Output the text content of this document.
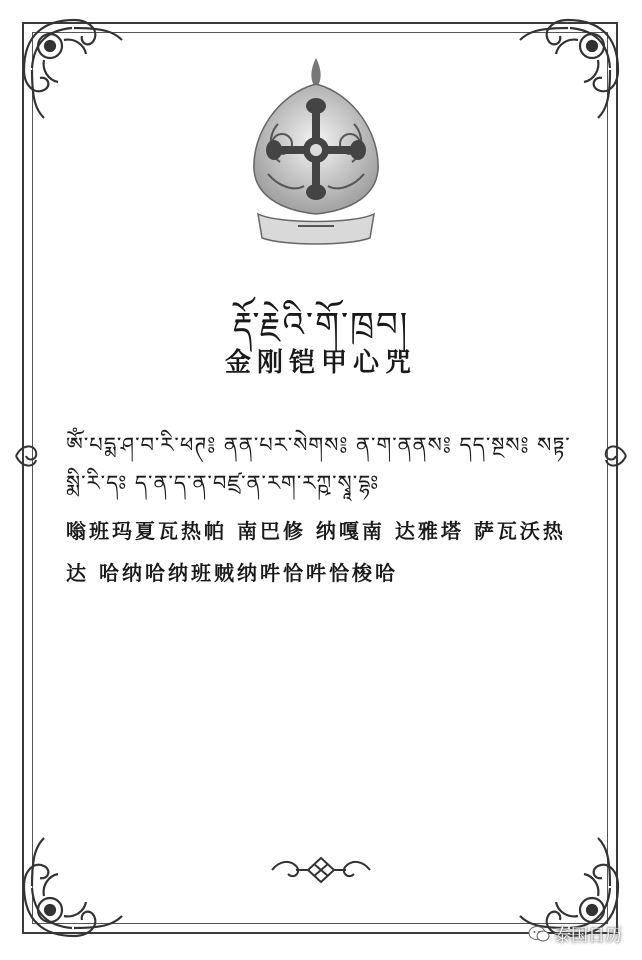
རྡོ་རྗེའི་གོ་ཁྲབ།
金刚铠甲心咒
ཨོཾ་པདྨ་ཤ་བ་རི་ཕཊ༔ ནན་པར་སེགས༔ ན་ག་ནནས༔ དད་སྔས༔ སཏྟ་སྨི་རི་དཿ ད་ན་ད་ན་བཛྲ་ན་རག་རཀྵ་སྭཱ་དྷཿ
嗡班玛夏瓦热帕 南巴修 纳嘎南 达雅塔 萨瓦沃热达 哈纳哈纳班贼纳吽恰吽恰梭哈
泰国日历
